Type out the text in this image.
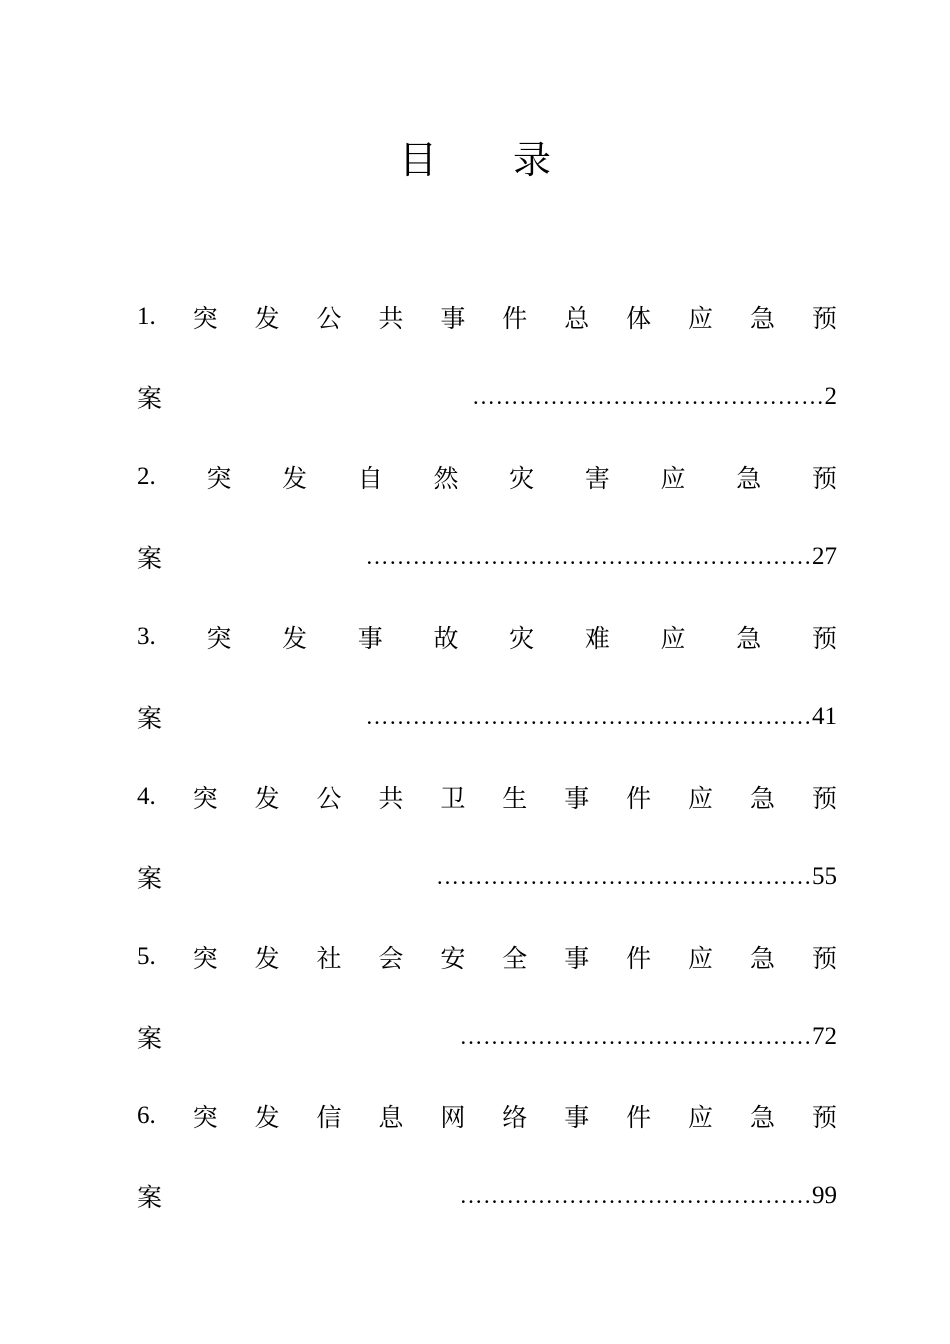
目 录
1. 突 发 公 共 事 件 总 体 应 急 预
案	……………………………………… 2
2. 突 发 自 然 灾 害 应 急 预
案	………………………………………………… 27
3. 突 发 事 故 灾 难 应 急 预
案	………………………………………………… 41
4. 突 发 公 共 卫 生 事 件 应 急 预
案	………………………………………… 55
5. 突 发 社 会 安 全 事 件 应 急 预
案	……………………………………… 72
6. 突 发 信 息 网 络 事 件 应 急 预
案	……………………………………… 99
